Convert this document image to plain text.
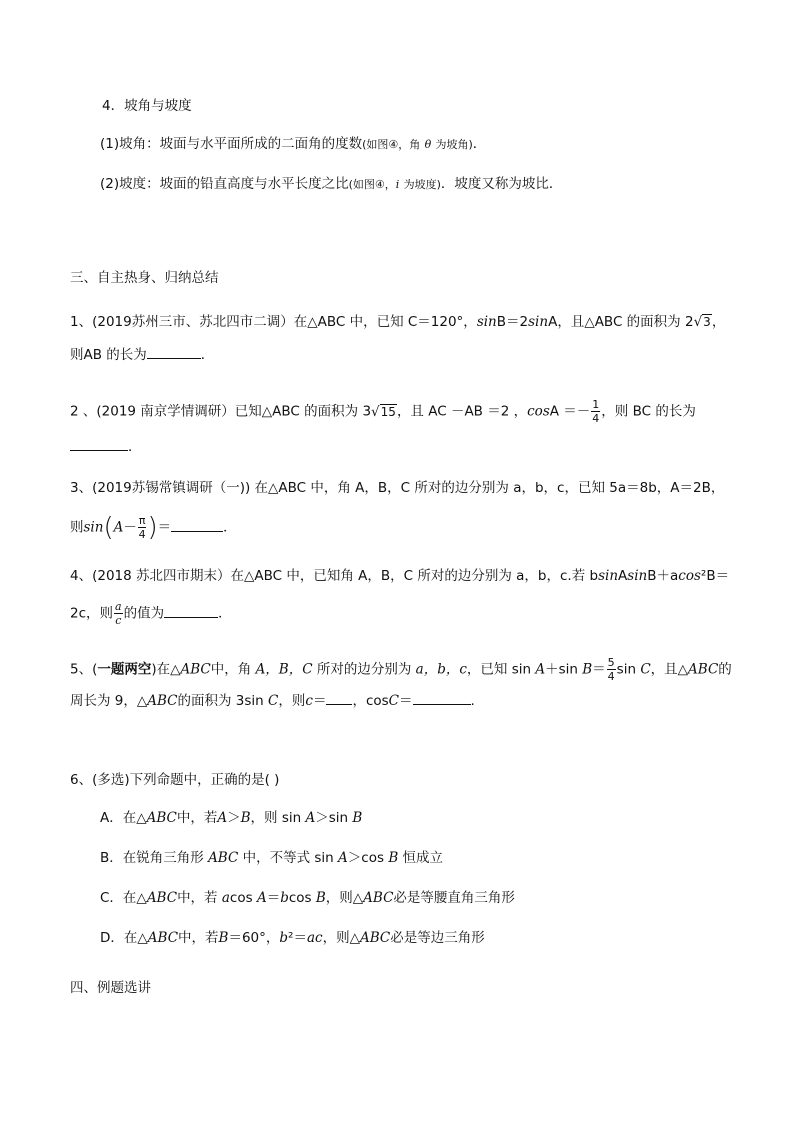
4．坡角与坡度
(1)坡角：坡面与水平面所成的二面角的度数(如图④，角 θ 为坡角)．
(2)坡度：坡面的铅直高度与水平长度之比(如图④，i 为坡度)．坡度又称为坡比．
三、自主热身、归纳总结
1、(2019苏州三市、苏北四市二调）在△ABC 中，已知 C＝120°，sinB＝2sinA，且△ABC 的面积为 2√3，
则AB 的长为	．
2 、(2019 南京学情调研）已知△ABC 的面积为 3√15，且 AC －AB ＝2 ，$\cos A =- \frac{1}{4}$ ，则 BC 的长为
．
3、(2019苏锡常镇调研（一)) 在△ABC 中，角 A，B，C 所对的边分别为 a，b，c，已知 5a＝8b，A＝2B，
则$\sin(A- \frac{\pi}{4}$ )＝	．
4、(2018 苏北四市期末）在△ABC 中，已知角 A，B，C 所对的边分别为 a，b，c.若 bsinAsinB＋acos²B＝
2c，则 $\frac{a}{c}$ 的值为	．
5、(一题两空)在△ABC中，角 A，B，C 所对的边分别为 a，b，c，已知 sin A＋sin $B= \frac{5}{4}$ sin C，且△ABC的
周长为 9，△ABC的面积为 3sin C，则c＝ ，cosC＝	.
6、(多选)下列命题中，正确的是( )
A．在△ABC中，若A＞B，则 sin A＞sin B
B．在锐角三角形 ABC 中，不等式 sin A＞cos B 恒成立
C．在△ABC中，若 acos A＝bcos B，则△ABC必是等腰直角三角形
D．在△ABC中，若B＝60°，b²＝ac，则△ABC必是等边三角形
四、例题选讲
